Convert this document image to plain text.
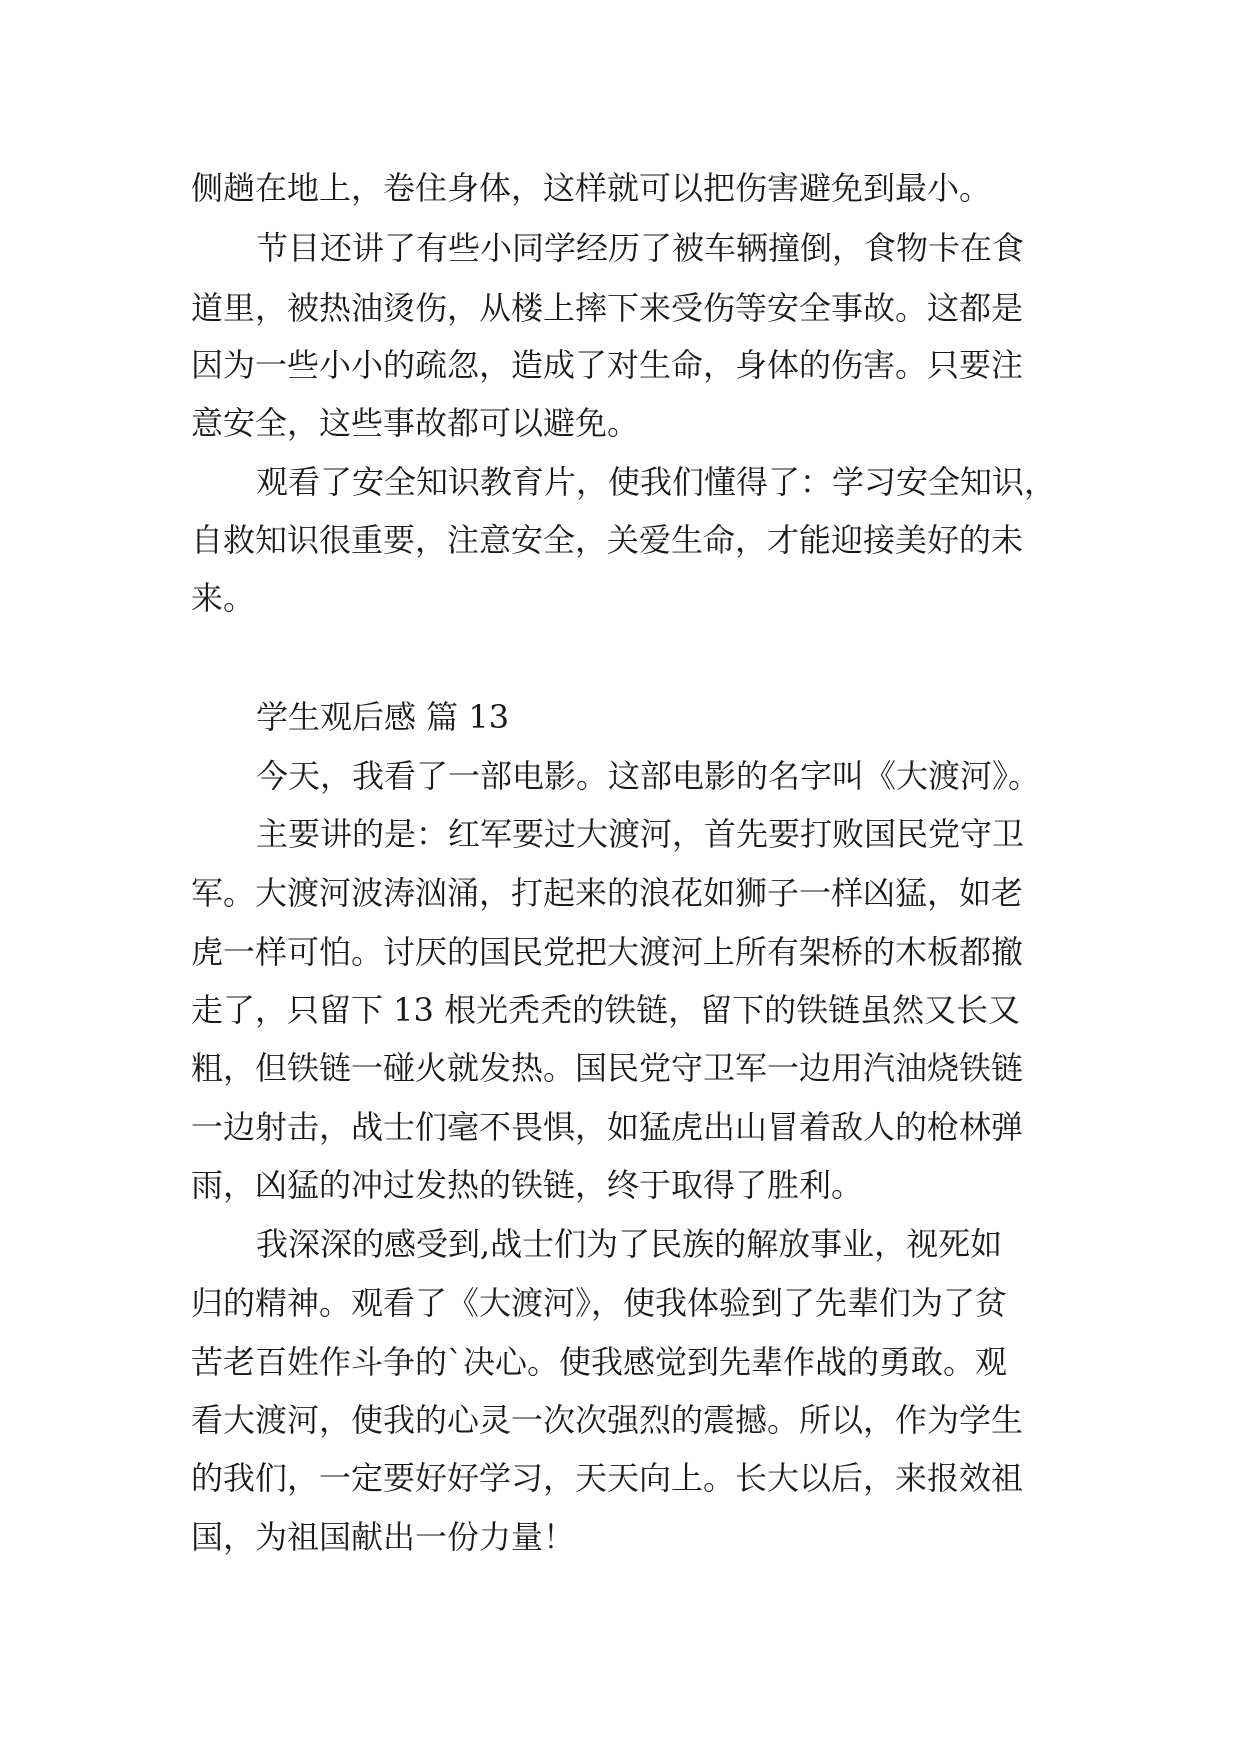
侧趟在地上，卷住身体，这样就可以把伤害避免到最小。

节目还讲了有些小同学经历了被车辆撞倒，食物卡在食

道里，被热油烫伤，从楼上摔下来受伤等安全事故。这都是

因为一些小小的疏忽，造成了对生命，身体的伤害。只要注

意安全，这些事故都可以避免。

观看了安全知识教育片，使我们懂得了：学习安全知识，

自救知识很重要，注意安全，关爱生命，才能迎接美好的未

来。

学生观后感 篇 13

今天，我看了一部电影。这部电影的名字叫《大渡河》。

主要讲的是：红军要过大渡河，首先要打败国民党守卫

军。大渡河波涛汹涌，打起来的浪花如狮子一样凶猛，如老

虎一样可怕。讨厌的国民党把大渡河上所有架桥的木板都撤

走了，只留下 13 根光秃秃的铁链，留下的铁链虽然又长又

粗，但铁链一碰火就发热。国民党守卫军一边用汽油烧铁链

一边射击，战士们毫不畏惧，如猛虎出山冒着敌人的枪林弹

雨，凶猛的冲过发热的铁链，终于取得了胜利。

我深深的感受到,战士们为了民族的解放事业，视死如

归的精神。观看了《大渡河》，使我体验到了先辈们为了贫

苦老百姓作斗争的`决心。使我感觉到先辈作战的勇敢。观

看大渡河，使我的心灵一次次强烈的震撼。所以，作为学生

的我们，一定要好好学习，天天向上。长大以后，来报效祖

国，为祖国献出一份力量！
